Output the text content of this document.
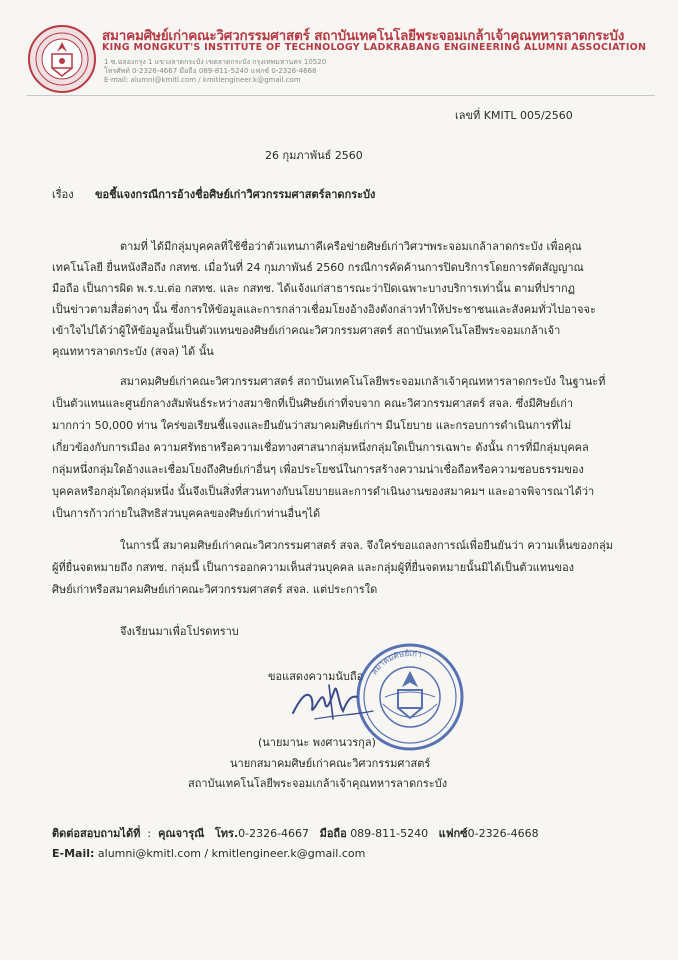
สมาคมศิษย์เก่าคณะวิศวกรรมศาสตร์ สถาบันเทคโนโลยีพระจอมเกล้าเจ้าคุณทหารลาดกระบัง
KING MONGKUT'S INSTITUTE OF TECHNOLOGY LADKRABANG ENGINEERING ALUMNI ASSOCIATION
1 ซ.ฉลองกรุง 1 แขวงลาดกระบัง เขตลาดกระบัง กรุงเทพมหานคร 10520
โทรศัพท์ 0-2326-4667 มือถือ 089-811-5240 แฟกซ์ 0-2326-4668
E-mail: alumni@kmitl.com / kmitlengineer.k@gmail.com
เลขที่ KMITL 005/2560
26 กุมภาพันธ์ 2560
เรื่อง ขอชี้แจงกรณีการอ้างชื่อศิษย์เก่าวิศวกรรมศาสตร์ลาดกระบัง
ตามที่ ได้มีกลุ่มบุคคลที่ใช้ชื่อว่าตัวแทนภาคีเครือข่ายศิษย์เก่าวิศวฯพระจอมเกล้าลาดกระบัง เพื่อคุณ
เทคโนโลยี ยื่นหนังสือถึง กสทช. เมื่อวันที่ 24 กุมภาพันธ์ 2560 กรณีการคัดค้านการปิดบริการโดยการตัดสัญญาณ
มือถือ เป็นการผิด พ.ร.บ.ต่อ กสทช. และ กสทช. ได้แจ้งแก่สาธารณะว่าปิดเฉพาะบางบริการเท่านั้น ตามที่ปรากฏ
เป็นข่าวตามสื่อต่างๆ นั้น ซึ่งการให้ข้อมูลและการกล่าวเชื่อมโยงอ้างอิงดังกล่าวทำให้ประชาชนและสังคมทั่วไปอาจจะ
เข้าใจไปได้ว่าผู้ให้ข้อมูลนั้นเป็นตัวแทนของศิษย์เก่าคณะวิศวกรรมศาสตร์ สถาบันเทคโนโลยีพระจอมเกล้าเจ้า
คุณทหารลาดกระบัง (สจล) ได้ นั้น
สมาคมศิษย์เก่าคณะวิศวกรรมศาสตร์ สถาบันเทคโนโลยีพระจอมเกล้าเจ้าคุณทหารลาดกระบัง ในฐานะที่
เป็นตัวแทนและศูนย์กลางสัมพันธ์ระหว่างสมาชิกที่เป็นศิษย์เก่าที่จบจาก คณะวิศวกรรมศาสตร์ สจล. ซึ่งมีศิษย์เก่า
มากกว่า 50,000 ท่าน ใคร่ขอเรียนชี้แจงและยืนยันว่าสมาคมศิษย์เก่าฯ มีนโยบาย และกรอบการดำเนินการที่ไม่
เกี่ยวข้องกับการเมือง ความศรัทธาหรือความเชื่อทางศาสนากลุ่มหนึ่งกลุ่มใดเป็นการเฉพาะ ดังนั้น การที่มีกลุ่มบุคคล
กลุ่มหนึ่งกลุ่มใดอ้างและเชื่อมโยงถึงศิษย์เก่าอื่นๆ เพื่อประโยชน์ในการสร้างความน่าเชื่อถือหรือความชอบธรรมของ
บุคคลหรือกลุ่มใดกลุ่มหนึ่ง นั้นจึงเป็นสิ่งที่สวนทางกับนโยบายและการดำเนินงานของสมาคมฯ และอาจพิจารณาได้ว่า
เป็นการก้าวก่ายในสิทธิส่วนบุคคลของศิษย์เก่าท่านอื่นๆได้
ในการนี้ สมาคมศิษย์เก่าคณะวิศวกรรมศาสตร์ สจล. จึงใคร่ขอแถลงการณ์เพื่อยืนยันว่า ความเห็นของกลุ่ม
ผู้ที่ยื่นจดหมายถึง กสทช. กลุ่มนี้ เป็นการออกความเห็นส่วนบุคคล และกลุ่มผู้ที่ยื่นจดหมายนั้นมิได้เป็นตัวแทนของ
ศิษย์เก่าหรือสมาคมศิษย์เก่าคณะวิศวกรรมศาสตร์ สจล. แต่ประการใด
จึงเรียนมาเพื่อโปรดทราบ
ขอแสดงความนับถือ สมาคมศิษย์เก่า
(นายมานะ พงศานวรกุล)
นายกสมาคมศิษย์เก่าคณะวิศวกรรมศาสตร์
สถาบันเทคโนโลยีพระจอมเกล้าเจ้าคุณทหารลาดกระบัง
ติดต่อสอบถามได้ที่  :  คุณจารุณี โทร.0-2326-4667 มือถือ 089-811-5240 แฟกซ์0-2326-4668
E-Mail: alumni@kmitl.com / kmitlengineer.k@gmail.com
